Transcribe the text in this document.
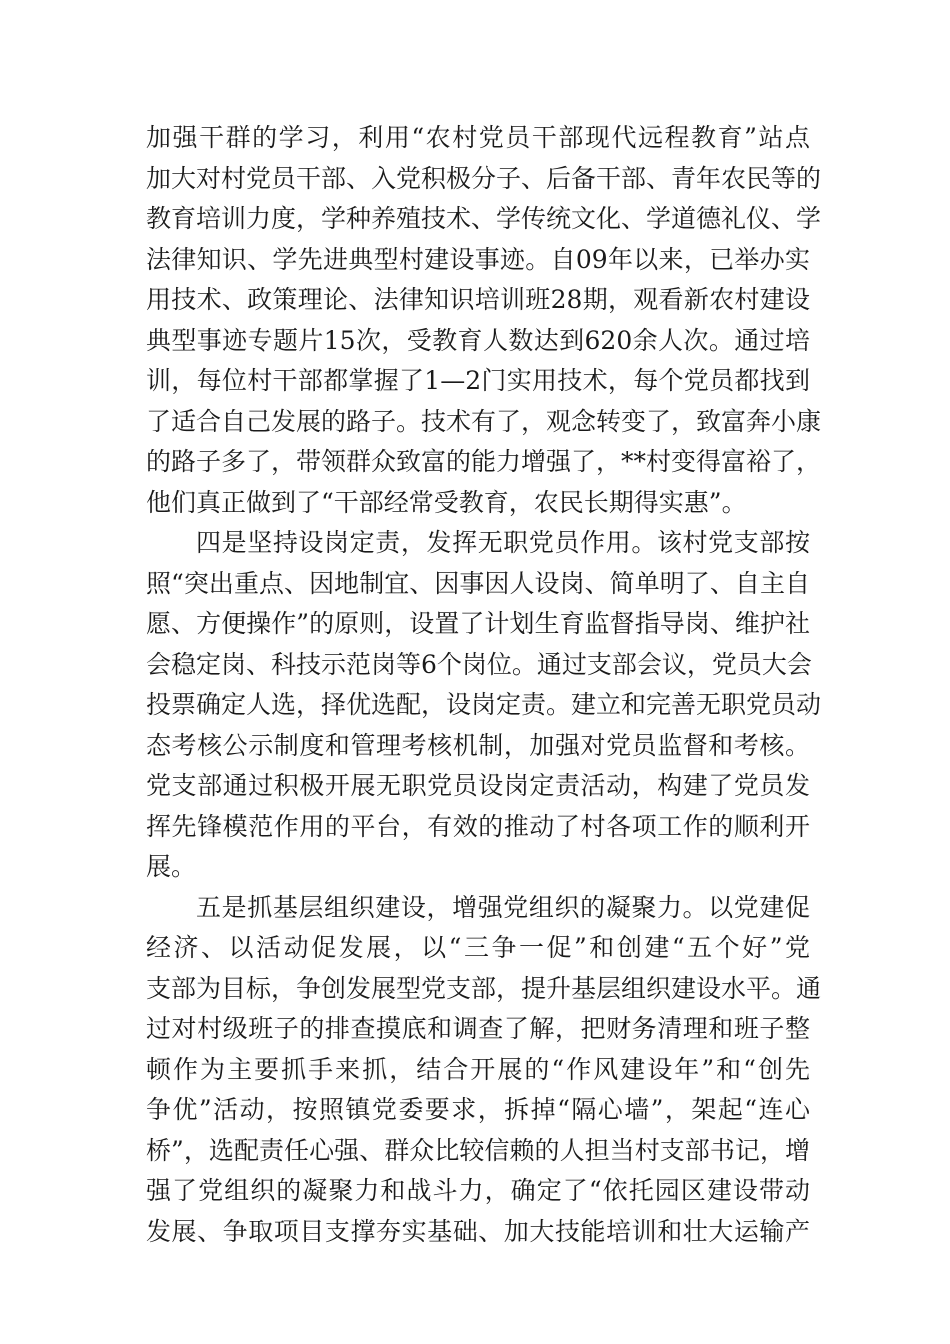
加强干群的学习，利用“农村党员干部现代远程教育”站点
加大对村党员干部、入党积极分子、后备干部、青年农民等的
教育培训力度，学种养殖技术、学传统文化、学道德礼仪、学
法律知识、学先进典型村建设事迹。自09年以来，已举办实
用技术、政策理论、法律知识培训班28期，观看新农村建设
典型事迹专题片15次，受教育人数达到620余人次。通过培
训，每位村干部都掌握了1—2门实用技术，每个党员都找到
了适合自己发展的路子。技术有了，观念转变了，致富奔小康
的路子多了，带领群众致富的能力增强了，**村变得富裕了，
他们真正做到了“干部经常受教育，农民长期得实惠”。
四是坚持设岗定责，发挥无职党员作用。该村党支部按
照“突出重点、因地制宜、因事因人设岗、简单明了、自主自
愿、方便操作”的原则，设置了计划生育监督指导岗、维护社
会稳定岗、科技示范岗等6个岗位。通过支部会议，党员大会
投票确定人选，择优选配，设岗定责。建立和完善无职党员动
态考核公示制度和管理考核机制，加强对党员监督和考核。
党支部通过积极开展无职党员设岗定责活动，构建了党员发
挥先锋模范作用的平台，有效的推动了村各项工作的顺利开
展。
五是抓基层组织建设，增强党组织的凝聚力。以党建促
经济、以活动促发展，以“三争一促”和创建“五个好”党
支部为目标，争创发展型党支部，提升基层组织建设水平。通
过对村级班子的排查摸底和调查了解，把财务清理和班子整
顿作为主要抓手来抓，结合开展的“作风建设年”和“创先
争优”活动，按照镇党委要求，拆掉“隔心墙”，架起“连心
桥”，选配责任心强、群众比较信赖的人担当村支部书记，增
强了党组织的凝聚力和战斗力，确定了“依托园区建设带动
发展、争取项目支撑夯实基础、加大技能培训和壮大运输产
